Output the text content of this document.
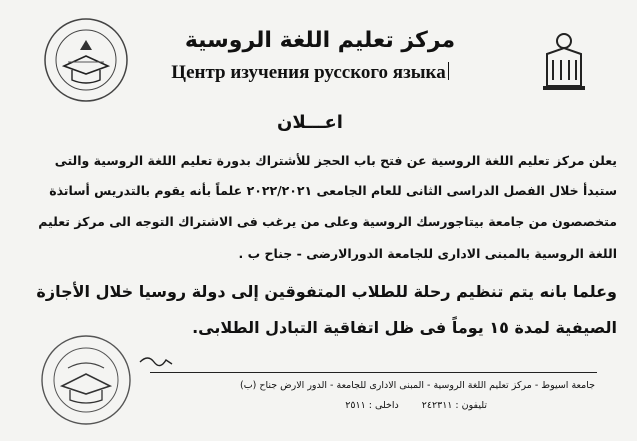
مركز تعليم اللغة الروسية
Центр изучения русского языка
اعـــلان
يعلن مركز تعليم اللغة الروسية عن فتح باب الحجز للأشتراك بدورة تعليم اللغة الروسية والتى
ستبدأ خلال الفصل الدراسى الثانى للعام الجامعى ٢٠٢٢/٢٠٢١ علماً بأنه يقوم بالتدريس أساتذة
متخصصون من جامعة بيتاجورسك الروسية وعلى من يرغب فى الاشتراك التوجه الى مركز تعليم
اللغة الروسية بالمبنى الادارى للجامعة الدورالارضى - جناح ب .
وعلما بانه يتم تنظيم رحلة للطلاب المتفوقين إلى دولة روسيا خلال الأجازة
الصيفية لمدة ١٥ يوماً فى ظل اتفاقية التبادل الطلابى.
جامعة اسيوط - مركز تعليم اللغة الروسية - المبنى الادارى للجامعة - الدور الارض جناح (ب)
تليفون : ٢٤٢٣١١ داخلى : ٢٥١١
